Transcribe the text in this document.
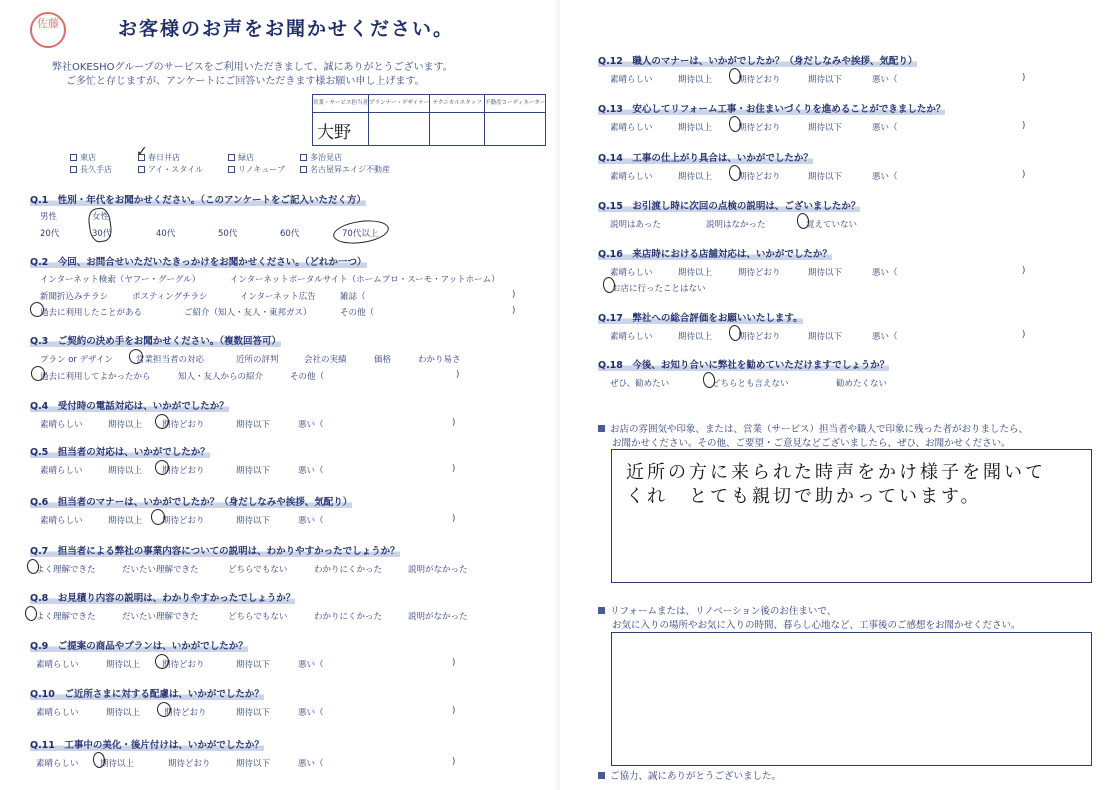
佐藤	お客様のお声をお聞かせください。
弊社OKESHOグループのサービスをご利用いただきまして、誠にありがとうございます。
ご多忙と存じますが、アンケートにご回答いただきます様お願い申し上げます。
営業・サービス担当者	プランナー・デザイナー	テクニカルスタッフ	不動産コーディネーター

大野			

東店	春日井店	緑店	多治見店
長久手店	アイ・スタイル	リノキューブ	名古屋昇エイジ不動産
✓
Q.1　性別・年代をお聞かせください。（このアンケートをご記入いただく方）
男性	女性
20代	30代	40代	50代	60代	70代以上
Q.2　今回、お問合せいただいたきっかけをお聞かせください。（どれか一つ）
インターネット検索（ヤフー・グーグル）	インターネットポータルサイト（ホームプロ・スーモ・アットホーム）
新聞折込みチラシ	ポスティングチラシ	インターネット広告	雑誌（	)
過去に利用したことがある	ご紹介（知人・友人・東邦ガス）	その他（	)
Q.3　ご契約の決め手をお聞かせください。（複数回答可）
プラン or デザイン	営業担当者の対応	近所の評判	会社の実績	価格	わかり易さ
過去に利用してよかったから	知人・友人からの紹介	その他（	)
Q.4　受付時の電話対応は、いかがでしたか？
素晴らしい	期待以上 期待どおり	期待以下	悪い（	)
Q.5　担当者の対応は、いかがでしたか？
素晴らしい	期待以上 期待どおり	期待以下	悪い（	)
Q.6　担当者のマナーは、いかがでしたか？（身だしなみや挨拶、気配り）
素晴らしい	期待以上 期待どおり	期待以下	悪い（	)
Q.7　担当者による弊社の事業内容についての説明は、わかりやすかったでしょうか？
よく理解できた	だいたい理解できた	どちらでもない	わかりにくかった	説明がなかった
Q.8　お見積り内容の説明は、わかりやすかったでしょうか？
よく理解できた	だいたい理解できた	どちらでもない	わかりにくかった	説明がなかった
Q.9　ご提案の商品やプランは、いかがでしたか？
素晴らしい	期待以上	期待どおり	期待以下	悪い（	)
Q.10　ご近所さまに対する配慮は、いかがでしたか？
素晴らしい	期待以上	期待どおり	期待以下	悪い（	)
Q.11　工事中の美化・後片付けは、いかがでしたか？
素晴らしい	期待以上	期待どおり	期待以下	悪い（	)
Q.12　職人のマナーは、いかがでしたか？（身だしなみや挨拶、気配り）
素晴らしい	期待以上	期待どおり	期待以下	悪い（	)
Q.13　安心してリフォーム工事・お住まいづくりを進めることができましたか？
素晴らしい	期待以上	期待どおり	期待以下	悪い（	)
Q.14　工事の仕上がり具合は、いかがでしたか？
素晴らしい	期待以上	期待どおり	期待以下	悪い（	)
Q.15　お引渡し時に次回の点検の説明は、ございましたか？
説明はあった	説明はなかった	覚えていない
Q.16　来店時における店舗対応は、いかがでしたか？
素晴らしい	期待以上	期待どおり	期待以下	悪い（	)
お店に行ったことはない
Q.17　弊社への総合評価をお願いいたします。
素晴らしい	期待以上	期待どおり	期待以下	悪い（	)
Q.18　今後、お知り合いに弊社を勧めていただけますでしょうか？
ぜひ、勧めたい	どちらとも言えない	勧めたくない
お店の雰囲気や印象、または、営業（サービス）担当者や職人で印象に残った者がおりましたら、
お聞かせください。その他、ご要望・ご意見などございましたら、ぜひ、お聞かせください。
近所の方に来られた時声をかけ様子を聞いて
くれ　とても親切で助かっています。
リフォームまたは、リノベーション後のお住まいで、
お気に入りの場所やお気に入りの時間、暮らし心地など、工事後のご感想をお聞かせください。
ご協力、誠にありがとうございました。
